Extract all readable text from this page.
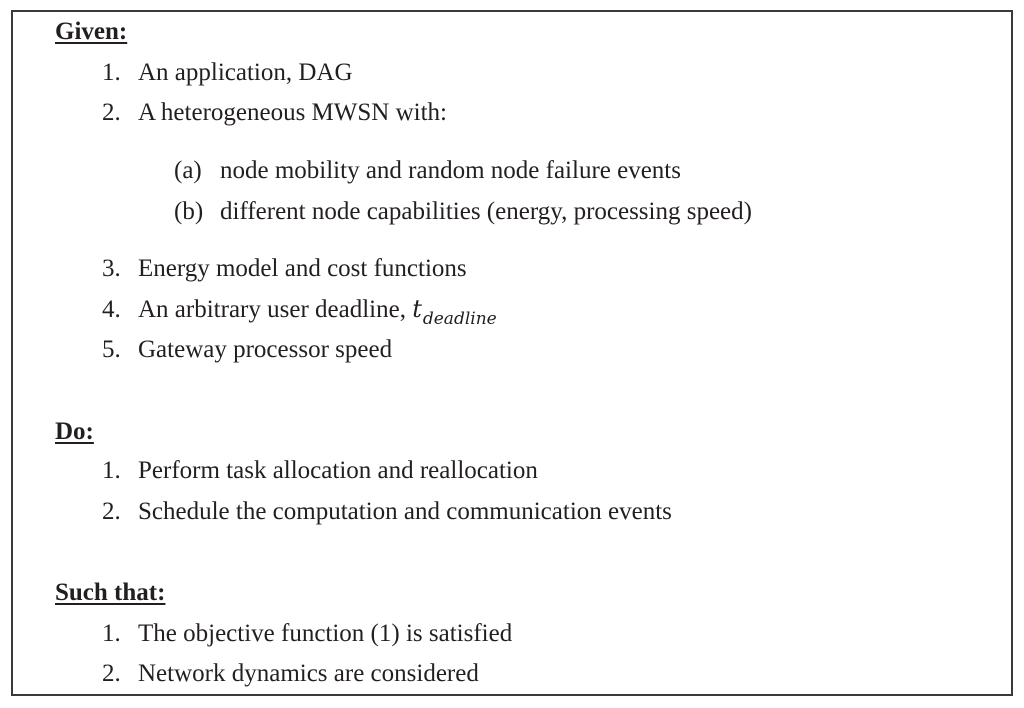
Given:
1. An application, DAG
2. A heterogeneous MWSN with:
(a) node mobility and random node failure events
(b) different node capabilities (energy, processing speed)
3. Energy model and cost functions
4. An arbitrary user deadline, $t_{deadline}$
5. Gateway processor speed
Do:
1. Perform task allocation and reallocation
2. Schedule the computation and communication events
Such that:
1. The objective function (1) is satisfied
2. Network dynamics are considered
